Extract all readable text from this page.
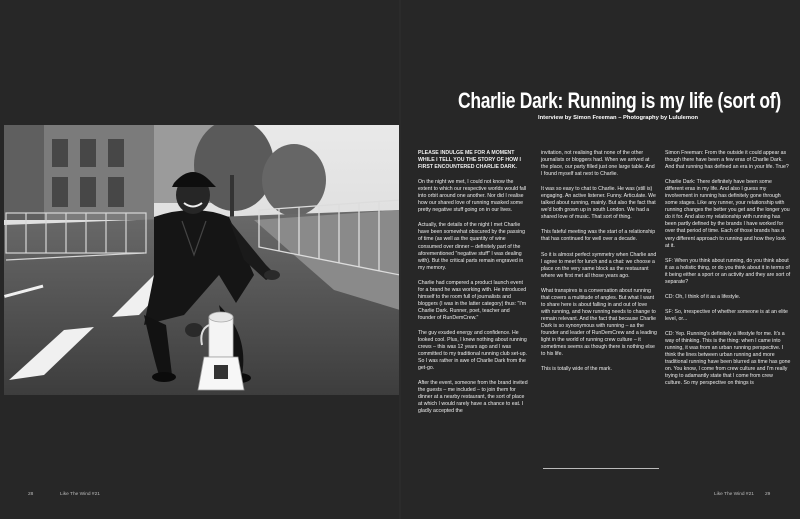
Charlie Dark: Running is my life (sort of)
Interview by Simon Freeman – Photography by Lululemon

PLEASE INDULGE ME FOR A MOMENT WHILE I TELL YOU THE STORY OF HOW I FIRST ENCOUNTERED CHARLIE DARK.

On the night we met, I could not know the extent to which our respective worlds would fall into orbit around one another. Nor did I realise how our shared love of running masked some pretty negative stuff going on in our lives.

Actually, the details of the night I met Charlie have been somewhat obscured by the passing of time (as well as the quantity of wine consumed over dinner – definitely part of the aforementioned "negative stuff" I was dealing with). But the critical parts remain engraved in my memory.

Charlie had compered a product launch event for a brand he was working with. He introduced himself to the room full of journalists and bloggers (I was in the latter category) thus: "I'm Charlie Dark. Runner, poet, teacher and founder of RunDemCrew."

The guy exuded energy and confidence. He looked cool. Plus, I knew nothing about running crews – this was 12 years ago and I was committed to my traditional running club set-up. So I was rather in awe of Charlie Dark from the get-go.

After the event, someone from the brand invited the guests – me included – to join them for dinner at a nearby restaurant, the sort of place at which I would rarely have a chance to eat. I gladly accepted the

invitation, not realising that none of the other journalists or bloggers had. When we arrived at the place, our party filled just one large table. And I found myself sat next to Charlie.

It was so easy to chat to Charlie. He was (still is) engaging. An active listener. Funny. Articulate. We talked about running, mainly. But also the fact that we'd both grown up in south London. We had a shared love of music. That sort of thing.

This fateful meeting was the start of a relationship that has continued for well over a decade.

So it is almost perfect symmetry when Charlie and I agree to meet for lunch and a chat: we choose a place on the very same block as the restaurant where we first met all those years ago.

What transpires is a conversation about running that covers a multitude of angles. But what I want to share here is about falling in and out of love with running, and how running needs to change to remain relevant. And the fact that because Charlie Dark is so synonymous with running – as the founder and leader of RunDemCrew and a leading light in the world of running crew culture – it sometimes seems as though there is nothing else to his life.

This is totally wide of the mark.

Simon Freeman: From the outside it could appear as though there have been a few eras of Charlie Dark. And that running has defined an era in your life. True?

Charlie Dark: There definitely have been some different eras in my life. And also I guess my involvement in running has definitely gone through some stages. Like any runner, your relationship with running changes the better you get and the longer you do it for. And also my relationship with running has been partly defined by the brands I have worked for over that period of time. Each of those brands has a very different approach to running and how they look at it.

SF: When you think about running, do you think about it as a holistic thing, or do you think about it in terms of it being either a sport or an activity and they are sort of separate?

CD: Oh, I think of it as a lifestyle.

SF: So, irrespective of whether someone is at an elite level, or...

CD: Yep. Running's definitely a lifestyle for me. It's a way of thinking. This is the thing: when I came into running, it was from an urban running perspective. I think the lines between urban running and more traditional running have been blurred as time has gone on. You know, I come from crew culture and I'm really trying to adamantly state that I come from crew culture. So my perspective on things is

28	Like The Wind #21	Like The Wind #21 29
